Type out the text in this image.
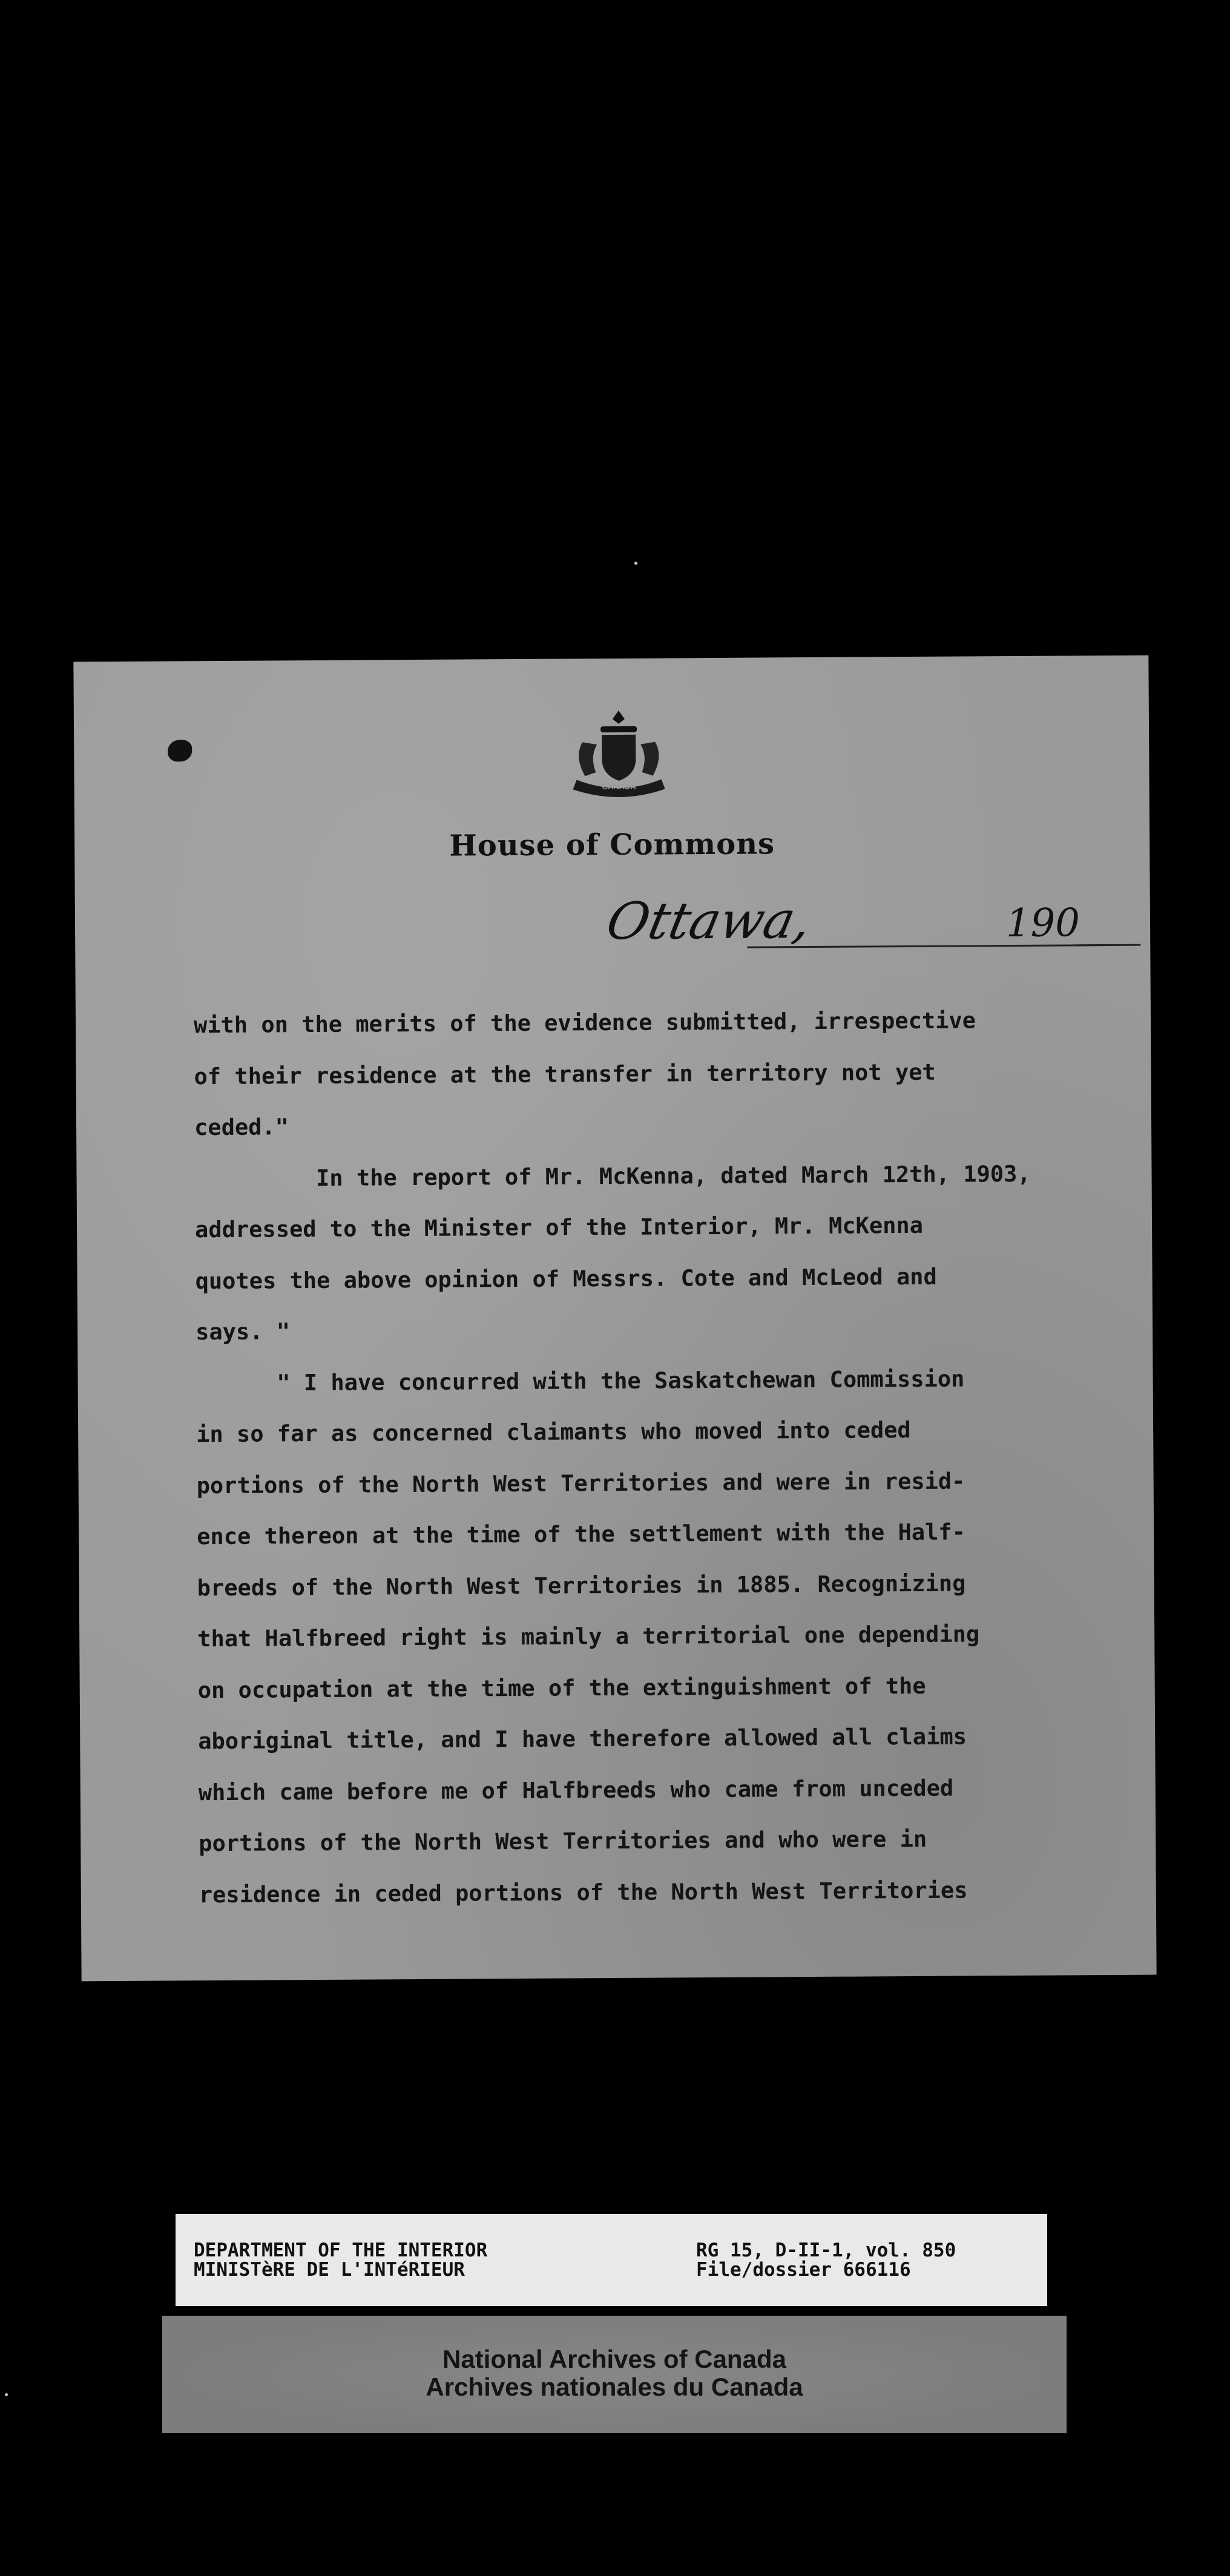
CANADA
House of Commons
Ottawa,	190
with on the merits of the evidence submitted, irrespective
of their residence at the transfer in territory not yet
ceded."
In the report of Mr. McKenna, dated March 12th, 1903,
addressed to the Minister of the Interior, Mr. McKenna
quotes the above opinion of Messrs. Cote and McLeod and
says. "
" I have concurred with the Saskatchewan Commission
in so far as concerned claimants who moved into ceded
portions of the North West Territories and were in resid-
ence thereon at the time of the settlement with the Half-
breeds of the North West Territories in 1885. Recognizing
that Halfbreed right is mainly a territorial one depending
on occupation at the time of the extinguishment of the
aboriginal title, and I have therefore allowed all claims
which came before me of Halfbreeds who came from unceded
portions of the North West Territories and who were in
residence in ceded portions of the North West Territories
DEPARTMENT OF THE INTERIOR
MINISTèRE DE L'INTéRIEUR
RG 15, D-II-1, vol. 850
File/dossier 666116
National Archives of Canada
Archives nationales du Canada
